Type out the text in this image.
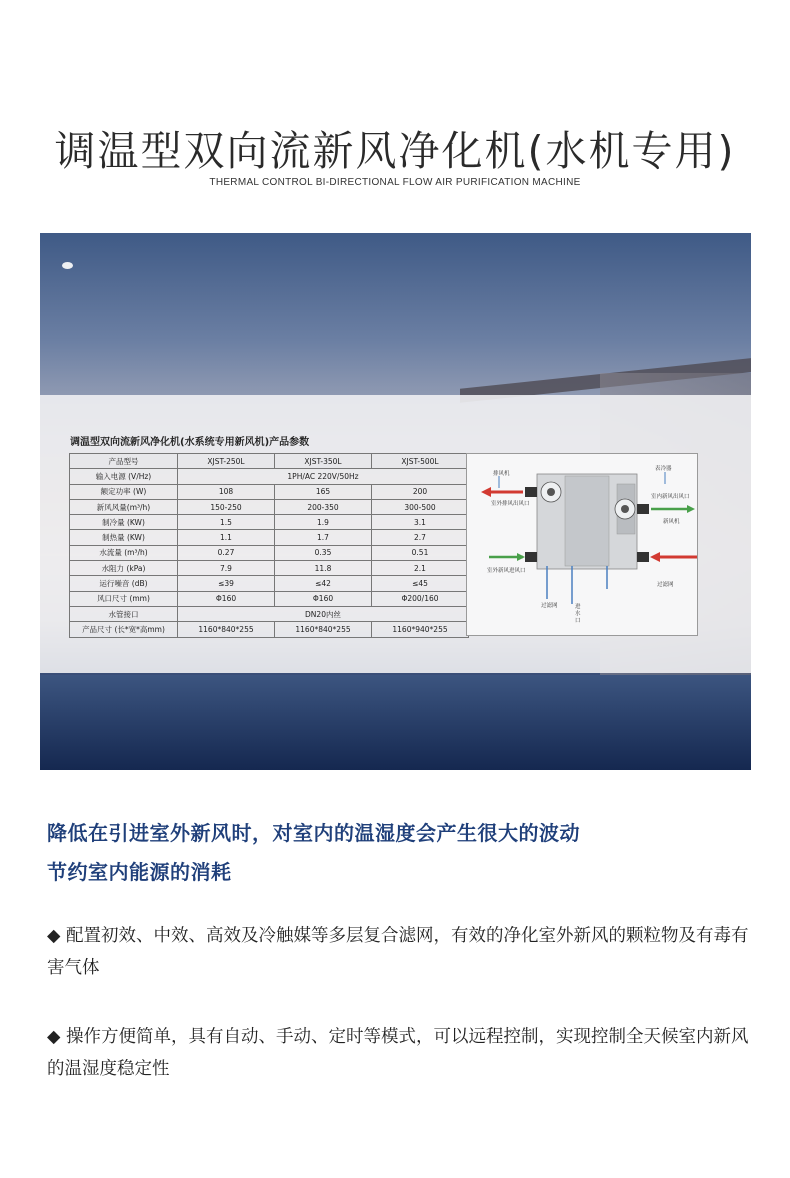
调温型双向流新风净化机(水机专用)
THERMAL CONTROL BI-DIRECTIONAL FLOW AIR PURIFICATION MACHINE
调温型双向流新风净化机(水系统专用新风机)产品参数
产品型号	XJST-250L	XJST-350L	XJST-500L
输入电源 (V/Hz)	1PH/AC 220V/50Hz		
额定功率 (W)	108	165	200
新风风量(m³/h)	150-250	200-350	300-500
制冷量 (KW)	1.5	1.9	3.1
制热量 (KW)	1.1	1.7	2.7
水流量 (m³/h)	0.27	0.35	0.51
水阻力 (kPa)	7.9	11.8	2.1
运行噪音 (dB)	≤39	≤42	≤45
风口尺寸 (mm)	Φ160	Φ160	Φ200/160
水管接口	DN20内丝		
产品尺寸 (长*宽*高mm)	1160*840*255	1160*840*255	1160*940*255
排风机
室外排风出风口
室外新风进风口
表冷器
室内新风出风口
新风机
过滤网
过滤网
进水口
降低在引进室外新风时，对室内的温湿度会产生很大的波动
节约室内能源的消耗
◆ 配置初效、中效、高效及冷触媒等多层复合滤网，有效的净化室外新风的颗粒物及有毒有害气体
◆ 操作方便简单，具有自动、手动、定时等模式，可以远程控制，实现控制全天候室内新风的温湿度稳定性
